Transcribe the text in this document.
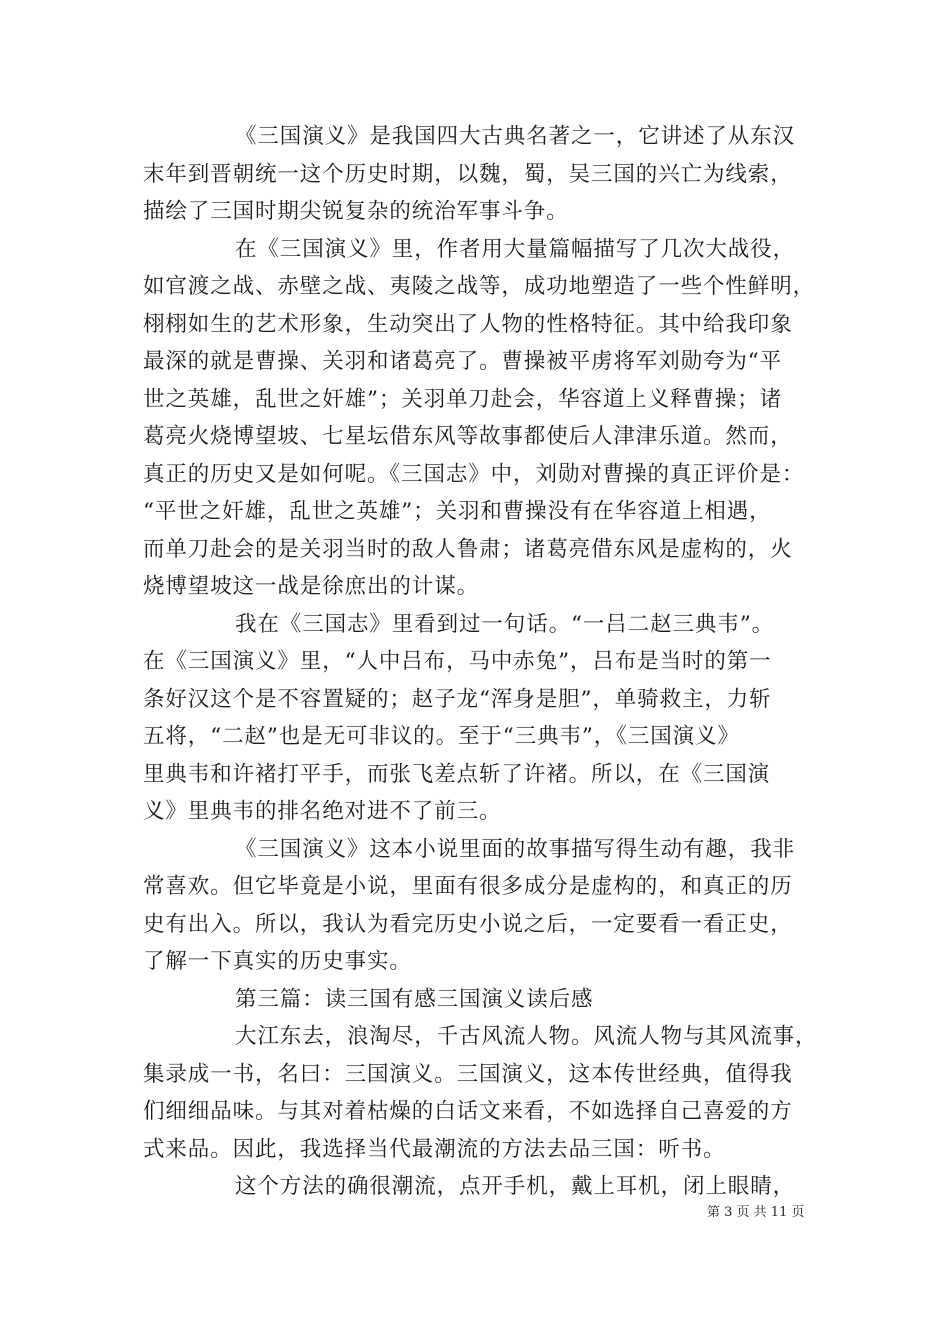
《三国演义》是我国四大古典名著之一，它讲述了从东汉
末年到晋朝统一这个历史时期，以魏，蜀，吴三国的兴亡为线索，
描绘了三国时期尖锐复杂的统治军事斗争。
在《三国演义》里，作者用大量篇幅描写了几次大战役，
如官渡之战、赤壁之战、夷陵之战等，成功地塑造了一些个性鲜明，
栩栩如生的艺术形象，生动突出了人物的性格特征。其中给我印象
最深的就是曹操、关羽和诸葛亮了。曹操被平虏将军刘勋夸为“平
世之英雄，乱世之奸雄”；关羽单刀赴会，华容道上义释曹操；诸
葛亮火烧博望坡、七星坛借东风等故事都使后人津津乐道。然而，
真正的历史又是如何呢。《三国志》中，刘勋对曹操的真正评价是：
“平世之奸雄，乱世之英雄”；关羽和曹操没有在华容道上相遇，
而单刀赴会的是关羽当时的敌人鲁肃；诸葛亮借东风是虚构的，火
烧博望坡这一战是徐庶出的计谋。
我在《三国志》里看到过一句话。“一吕二赵三典韦”。
在《三国演义》里，“人中吕布，马中赤兔”，吕布是当时的第一
条好汉这个是不容置疑的；赵子龙“浑身是胆”，单骑救主，力斩
五将，“二赵”也是无可非议的。至于“三典韦”，《三国演义》
里典韦和许褚打平手，而张飞差点斩了许褚。所以，在《三国演
义》里典韦的排名绝对进不了前三。
《三国演义》这本小说里面的故事描写得生动有趣，我非
常喜欢。但它毕竟是小说，里面有很多成分是虚构的，和真正的历
史有出入。所以，我认为看完历史小说之后，一定要看一看正史，
了解一下真实的历史事实。
第三篇：读三国有感三国演义读后感
大江东去，浪淘尽，千古风流人物。风流人物与其风流事，
集录成一书，名曰：三国演义。三国演义，这本传世经典，值得我
们细细品味。与其对着枯燥的白话文来看，不如选择自己喜爱的方
式来品。因此，我选择当代最潮流的方法去品三国：听书。
这个方法的确很潮流，点开手机，戴上耳机，闭上眼睛，
第 3 页 共 11 页
